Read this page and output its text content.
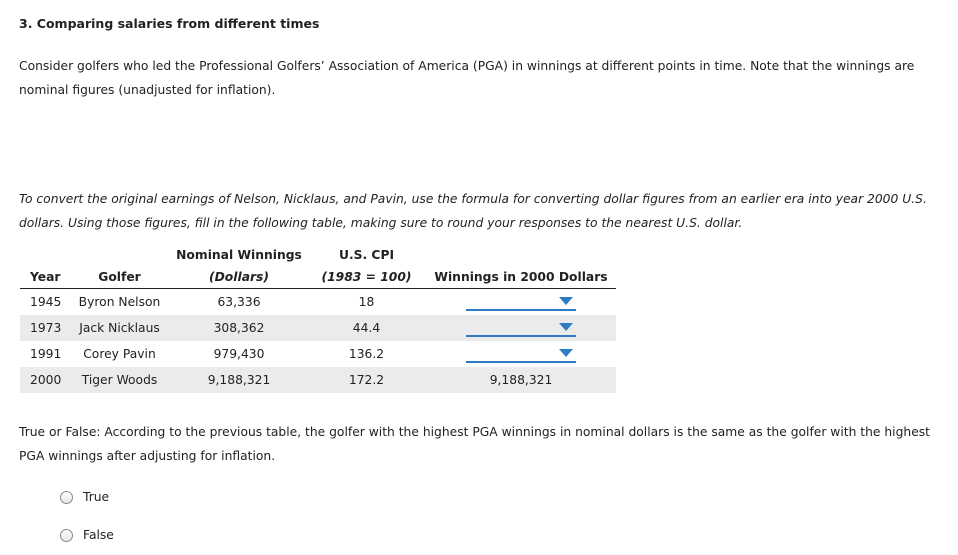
3. Comparing salaries from different times
Consider golfers who led the Professional Golfers’ Association of America (PGA) in winnings at different points in time. Note that the winnings are nominal figures (unadjusted for inflation).
To convert the original earnings of Nelson, Nicklaus, and Pavin, use the formula for converting dollar figures from an earlier era into year 2000 U.S. dollars. Using those figures, fill in the following table, making sure to round your responses to the nearest U.S. dollar.
		Nominal Winnings	U.S. CPI	
Year	Golfer	(Dollars)	(1983 = 100)	Winnings in 2000 Dollars
1945	Byron Nelson	63,336	18	

1973	Jack Nicklaus	308,362	44.4	

1991	Corey Pavin	979,430	136.2	

2000	Tiger Woods	9,188,321	172.2	9,188,321
True or False: According to the previous table, the golfer with the highest PGA winnings in nominal dollars is the same as the golfer with the highest PGA winnings after adjusting for inflation.
True
False
